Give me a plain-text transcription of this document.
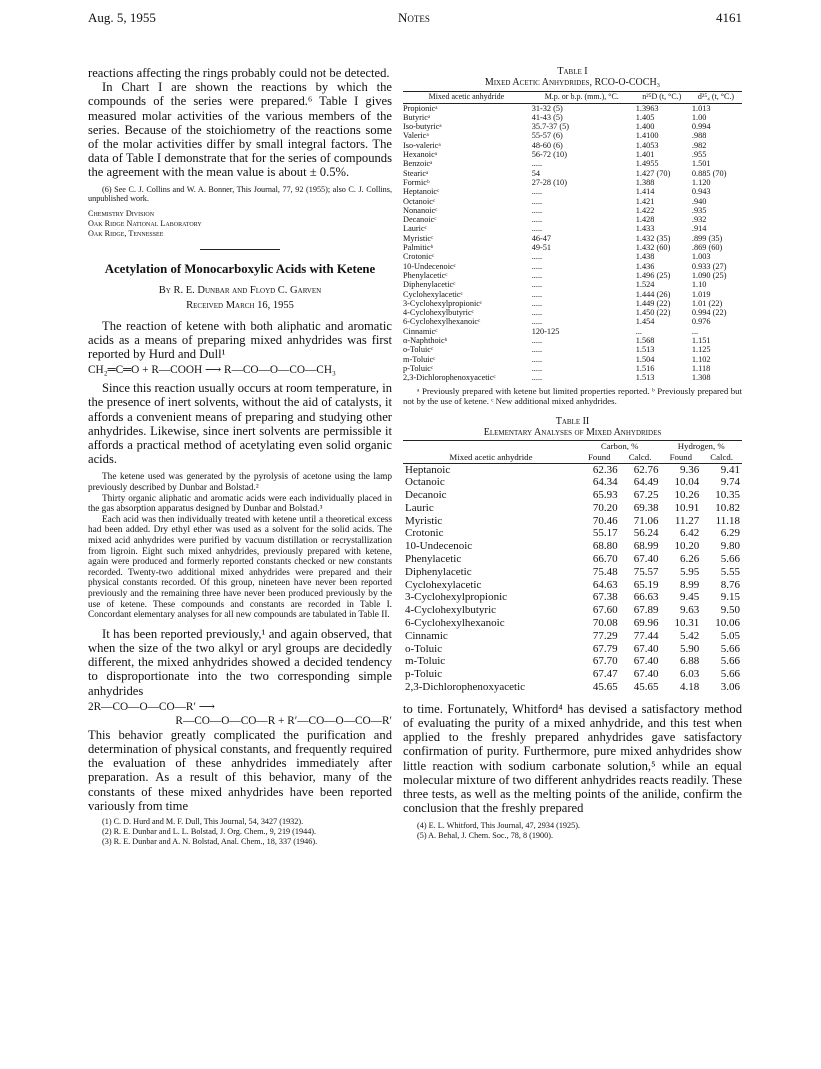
Aug. 5, 1955	Notes	4161

reactions affecting the rings probably could not be detected.

In Chart I are shown the reactions by which the compounds of the series were prepared.⁶ Table I gives measured molar activities of the various members of the series. Because of the stoichiometry of the reactions some of the molar activities differ by small integral factors. The data of Table I demonstrate that for the series of compounds the agreement with the mean value is about ± 0.5%.

(6) See C. J. Collins and W. A. Bonner, This Journal, 77, 92 (1955); also C. J. Collins, unpublished work.

Chemistry Division
Oak Ridge National Laboratory
Oak Ridge, Tennessee
Acetylation of Monocarboxylic Acids with Ketene
By R. E. Dunbar and Floyd C. Garven
Received March 16, 1955

The reaction of ketene with both aliphatic and aromatic acids as a means of preparing mixed anhydrides was first reported by Hurd and Dull¹

CH₂═C═O + R—COOH ⟶ R—CO—O—CO—CH₃

Since this reaction usually occurs at room temperature, in the presence of inert solvents, without the aid of catalysts, it affords a convenient means of preparing and studying other anhydrides. Likewise, since inert solvents are permissible it affords a practical method of acetylating even solid organic acids.

The ketene used was generated by the pyrolysis of acetone using the lamp previously described by Dunbar and Bolstad.²

Thirty organic aliphatic and aromatic acids were each individually placed in the gas absorption apparatus designed by Dunbar and Bolstad.³

Each acid was then individually treated with ketene until a theoretical excess had been added. Dry ethyl ether was used as a solvent for the solid acids. The mixed acid anhydrides were purified by vacuum distillation or recrystallization from ligroin. Eight such mixed anhydrides, previously prepared with ketene, again were produced and formerly reported constants checked or new constants recorded. Twenty-two additional mixed anhydrides were prepared and their physical constants recorded. Of this group, nineteen have never been reported previously and the remaining three have never been produced previously by the use of ketene. These compounds and constants are recorded in Table I. Concordant elementary analyses for all new compounds are tabulated in Table II.

It has been reported previously,¹ and again observed, that when the size of the two alkyl or aryl groups are decidedly different, the mixed anhydrides showed a decided tendency to disproportionate into the two corresponding simple anhydrides

2R—CO—O—CO—R′ ⟶
R—CO—O—CO—R + R′—CO—O—CO—R′

This behavior greatly complicated the purification and determination of physical constants, and frequently required the evaluation of these anhydrides immediately after preparation. As a result of this behavior, many of the constants of these mixed anhydrides have been reported variously from time

(1) C. D. Hurd and M. F. Dull, This Journal, 54, 3427 (1932).

(2) R. E. Dunbar and L. L. Bolstad, J. Org. Chem., 9, 219 (1944).

(3) R. E. Dunbar and A. N. Bolstad, Anal. Chem., 18, 337 (1946).

Table I
Mixed Acetic Anhydrides, RCO-O-COCH₃
Mixed acetic anhydride	M.p. or b.p. (mm.), °C.	n²⁵D (t, °C.)	d²⁵₄ (t, °C.)
Propionicᵃ	31-32 (5)	1.3963	1.013
Butyricᵃ	41-43 (5)	1.405	1.00
Iso-butyricᵃ	35.7-37 (5)	1.400	0.994
Valericᵃ	55-57 (6)	1.4100	.988
Iso-valericᵃ	48-60 (6)	1.4053	.982
Hexanoicᵃ	56-72 (10)	1.401	.955
Benzoicᵃ	.....	1.4955	1.501
Stearicᵃ	54	1.427 (70)	0.885 (70)
Formicᵇ	27-28 (10)	1.388	1.120
Heptanoicᶜ	.....	1.414	0.943
Octanoicᶜ	.....	1.421	.940
Nonanoicᶜ	.....	1.422	.935
Decanoicᶜ	.....	1.428	.932
Lauricᶜ	.....	1.433	.914
Myristicᶜ	46-47	1.432 (35)	.899 (35)
Palmiticᵇ	49-51	1.432 (60)	.869 (60)
Crotonicᶜ	.....	1.438	1.003
10-Undecenoicᶜ	.....	1.436	0.933 (27)
Phenylaceticᶜ	.....	1.496 (25)	1.090 (25)
Diphenylaceticᶜ	.....	1.524	1.10
Cyclohexylaceticᶜ	.....	1.444 (26)	1.019
3-Cyclohexylpropionicᶜ	.....	1.449 (22)	1.01 (22)
4-Cyclohexylbutyricᶜ	.....	1.450 (22)	0.994 (22)
6-Cyclohexylhexanoicᶜ	.....	1.454	0.976
Cinnamicᶜ	120-125	...	...
α-Naphthoicᵇ	.....	1.568	1.151
o-Toluicᶜ	.....	1.513	1.125
m-Toluicᶜ	.....	1.504	1.102
p-Toluicᶜ	.....	1.516	1.118
2,3-Dichlorophenoxyaceticᶜ	.....	1.513	1.308

ᵃ Previously prepared with ketene but limited properties reported. ᵇ Previously prepared but not by the use of ketene. ᶜ New additional mixed anhydrides.

Table II
Elementary Analyses of Mixed Anhydrides
Mixed acetic anhydride	Carbon, %		Hydrogen, %	
	Found	Calcd.	Found	Calcd.
Heptanoic	62.36	62.76	9.36	9.41
Octanoic	64.34	64.49	10.04	9.74
Decanoic	65.93	67.25	10.26	10.35
Lauric	70.20	69.38	10.91	10.82
Myristic	70.46	71.06	11.27	11.18
Crotonic	55.17	56.24	6.42	6.29
10-Undecenoic	68.80	68.99	10.20	9.80
Phenylacetic	66.70	67.40	6.26	5.66
Diphenylacetic	75.48	75.57	5.95	5.55
Cyclohexylacetic	64.63	65.19	8.99	8.76
3-Cyclohexylpropionic	67.38	66.63	9.45	9.15
4-Cyclohexylbutyric	67.60	67.89	9.63	9.50
6-Cyclohexylhexanoic	70.08	69.96	10.31	10.06
Cinnamic	77.29	77.44	5.42	5.05
o-Toluic	67.79	67.40	5.90	5.66
m-Toluic	67.70	67.40	6.88	5.66
p-Toluic	67.47	67.40	6.03	5.66
2,3-Dichlorophenoxyacetic	45.65	45.65	4.18	3.06

to time. Fortunately, Whitford⁴ has devised a satisfactory method of evaluating the purity of a mixed anhydride, and this test when applied to the freshly prepared anhydrides gave satisfactory confirmation of purity. Furthermore, pure mixed anhydrides show little reaction with sodium carbonate solution,⁵ while an equal molecular mixture of two different anhydrides reacts readily. These three tests, as well as the melting points of the anilide, confirm the conclusion that the freshly prepared

(4) E. L. Whitford, This Journal, 47, 2934 (1925).

(5) A. Behal, J. Chem. Soc., 78, 8 (1900).
